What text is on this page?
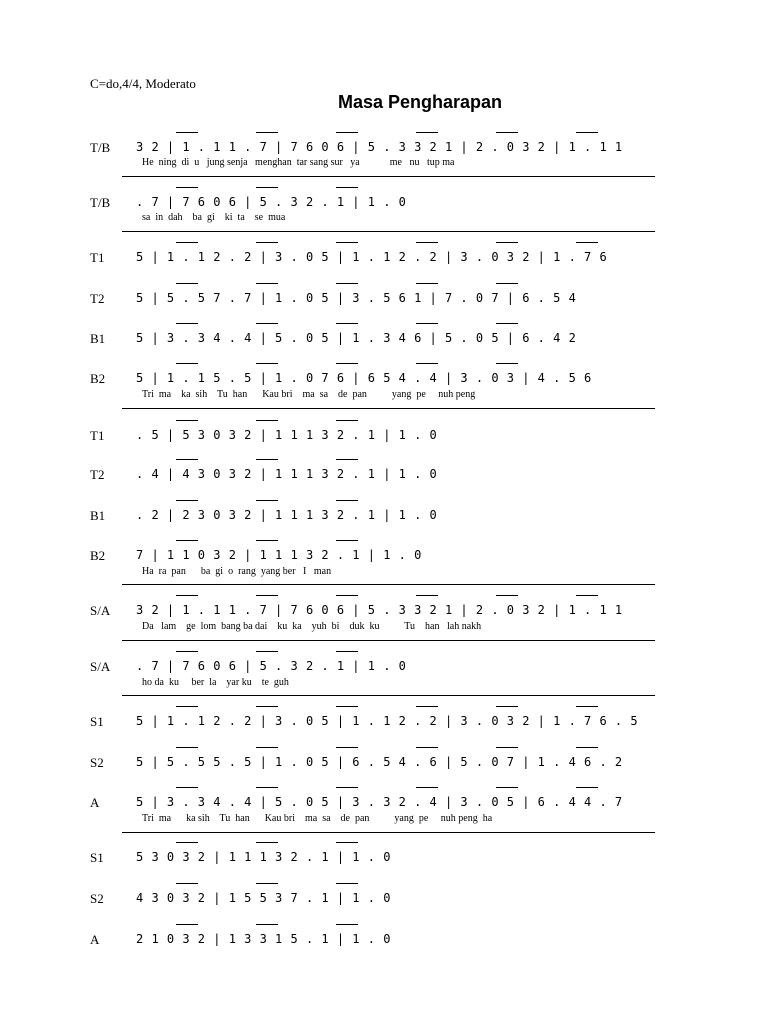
C=do,4/4, Moderato
Masa Pengharapan
T/B 3 2 | 1 . 1 1 . 7 | 7 6 0 6 | 5 . 3 3 2 1 | 2 . 0 3 2 | 1 . 1 1
He  ning  di  u   jung senja   menghan  tar sang sur   ya            me   nu   tup ma
T/B . 7 | 7 6 0 6 | 5 . 3 2 . 1 | 1 . 0
sa  in  dah    ba  gi    ki  ta    se  mua
T1	5 | 1 . 1 2 . 2 | 3 . 0 5 | 1 . 1 2 . 2 | 3 . 0 3 2 | 1 . 7 6
T2	5 | 5 . 5 7 . 7 | 1 . 0 5 | 3 . 5 6 1 | 7 . 0 7 | 6 . 5 4
B1	5 | 3 . 3 4 . 4 | 5 . 0 5 | 1 . 3 4 6 | 5 . 0 5 | 6 . 4 2
B2	5 | 1 . 1 5 . 5 | 1 . 0 7 6 | 6 5 4 . 4 | 3 . 0 3 | 4 . 5 6
Tri  ma    ka  sih    Tu  han      Kau bri    ma  sa    de  pan          yang  pe     nuh peng
T1	. 5 | 5 3 0 3 2 | 1 1 1 3 2 . 1 | 1 . 0
T2	. 4 | 4 3 0 3 2 | 1 1 1 3 2 . 1 | 1 . 0
B1	. 2 | 2 3 0 3 2 | 1 1 1 3 2 . 1 | 1 . 0
B2	7 | 1 1 0 3 2 | 1 1 1 3 2 . 1 | 1 . 0
Ha  ra  pan      ba  gi  o  rang  yang ber   I   man
S/A 3 2 | 1 . 1 1 . 7 | 7 6 0 6 | 5 . 3 3 2 1 | 2 . 0 3 2 | 1 . 1 1
Da   lam    ge  lom  bang ba dai    ku  ka    yuh  bi    duk  ku          Tu    han   lah nakh
S/A . 7 | 7 6 0 6 | 5 . 3 2 . 1 | 1 . 0
ho da  ku     ber  la    yar ku    te  guh
S1	5 | 1 . 1 2 . 2 | 3 . 0 5 | 1 . 1 2 . 2 | 3 . 0 3 2 | 1 . 7 6 . 5
S2	5 | 5 . 5 5 . 5 | 1 . 0 5 | 6 . 5 4 . 6 | 5 . 0 7 | 1 . 4 6 . 2
A	5 | 3 . 3 4 . 4 | 5 . 0 5 | 3 . 3 2 . 4 | 3 . 0 5 | 6 . 4 4 . 7
Tri  ma      ka sih    Tu  han      Kau bri    ma  sa    de  pan          yang  pe     nuh peng  ha
S1	5 3 0 3 2 | 1 1 1 3 2 . 1 | 1 . 0
S2	4 3 0 3 2 | 1 5 5 3 7 . 1 | 1 . 0
A	2 1 0 3 2 | 1 3 3 1 5 . 1 | 1 . 0
